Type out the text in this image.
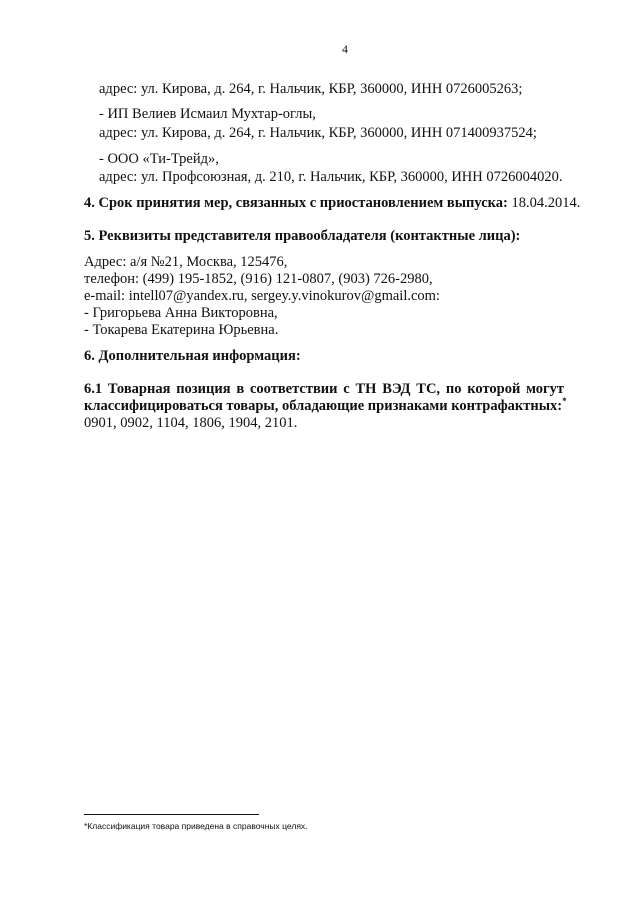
4
адрес: ул. Кирова, д. 264, г. Нальчик, КБР, 360000, ИНН 0726005263;
- ИП Велиев Исмаил Мухтар-оглы,
адрес: ул. Кирова, д. 264, г. Нальчик, КБР, 360000, ИНН 071400937524;
- ООО «Ти-Трейд»,
адрес: ул. Профсоюзная, д. 210, г. Нальчик, КБР, 360000, ИНН 0726004020.
4. Срок принятия мер, связанных с приостановлением выпуска: 18.04.2014.
5. Реквизиты представителя правообладателя (контактные лица):
Адрес: а/я №21, Москва, 125476,
телефон: (499) 195-1852, (916) 121-0807, (903) 726-2980,
e-mail: intell07@yandex.ru, sergey.y.vinokurov@gmail.com:
- Григорьева Анна Викторовна,
- Токарева Екатерина Юрьевна.
6. Дополнительная информация:
6.1 Товарная позиция в соответствии с ТН ВЭД ТС, по которой могут
классифицироваться товары, обладающие признаками контрафактных:*
0901, 0902, 1104, 1806, 1904, 2101.
*Классификация товара приведена в справочных целях.
